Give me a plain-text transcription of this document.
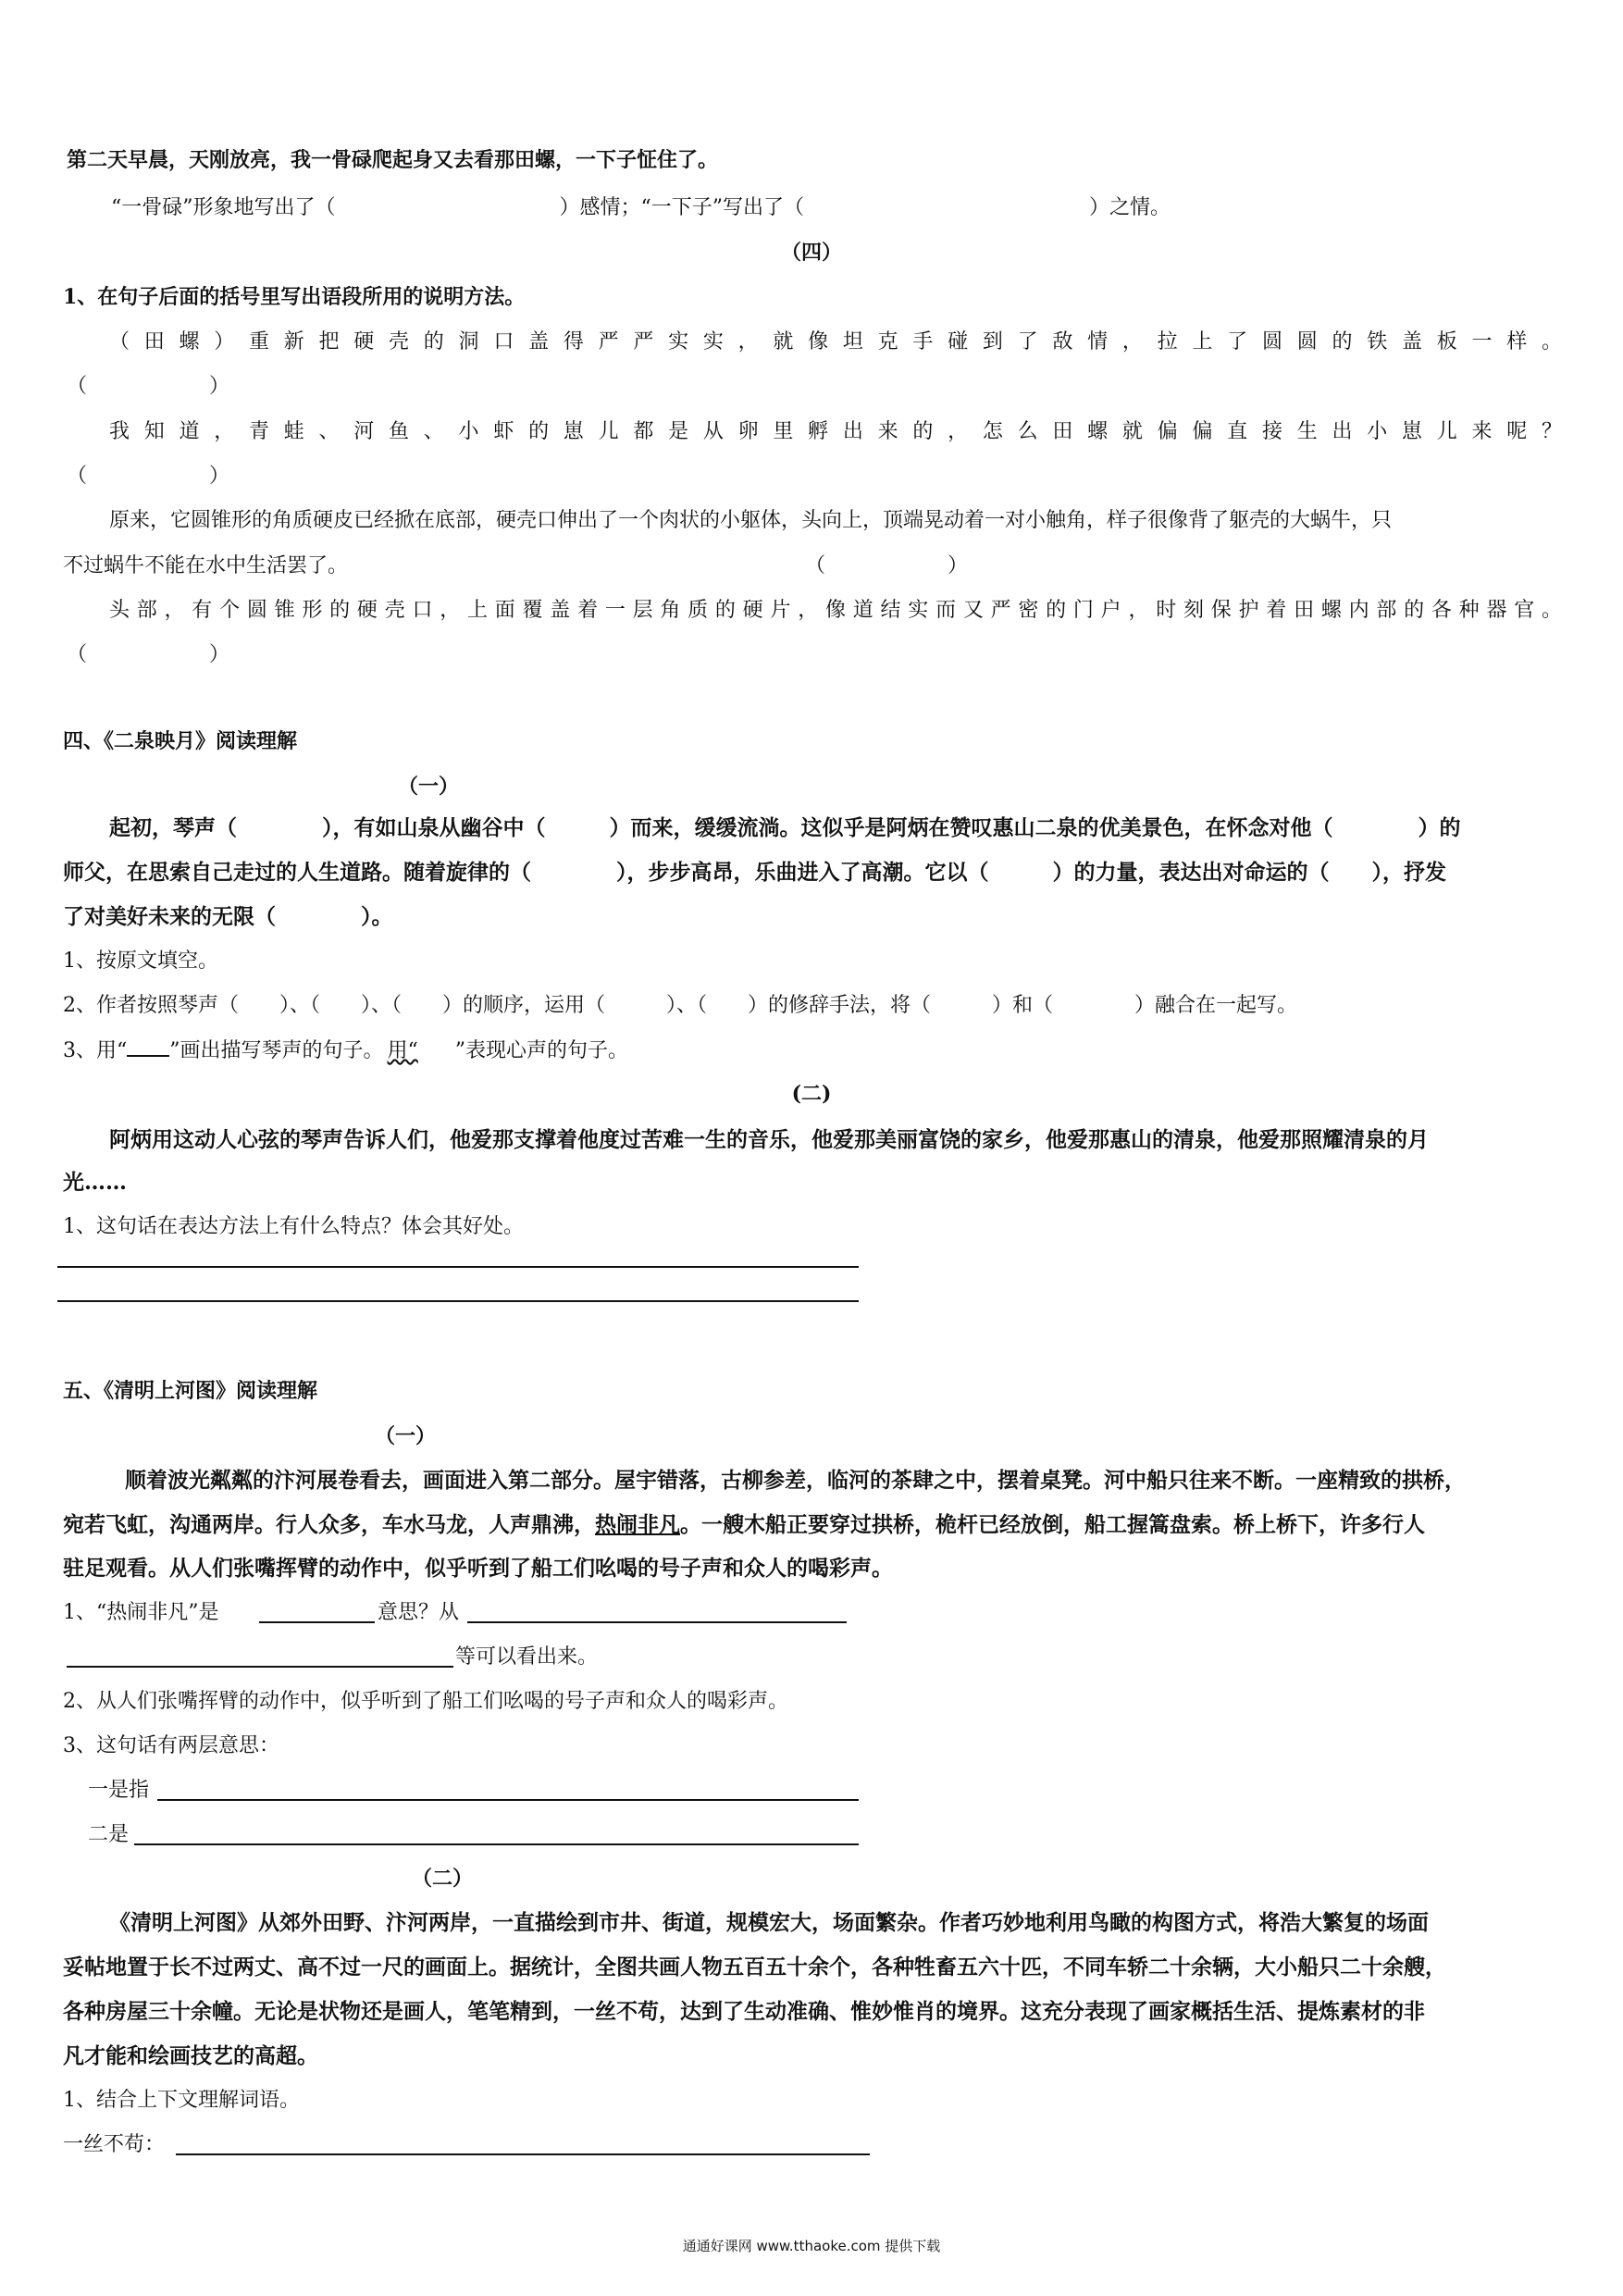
第二天早晨，天刚放亮，我一骨碌爬起身又去看那田螺，一下子怔住了。
“一骨碌”形象地写出了（　　　　　　　　　　　）感情；“一下子”写出了（　　　　　　　　　　　　　　）之情。
（四）
1、在句子后面的括号里写出语段所用的说明方法。
（田螺）重新把硬壳的洞口盖得严严实实，就像坦克手碰到了敌情，拉上了圆圆的铁盖板一样。
（　　　　　　）
我知道，青蛙、河鱼、小虾的崽儿都是从卵里孵出来的，怎么田螺就偏偏直接生出小崽儿来呢？
（　　　　　　）
原来，它圆锥形的角质硬皮已经掀在底部，硬壳口伸出了一个肉状的小躯体，头向上，顶端晃动着一对小触角，样子很像背了躯壳的大蜗牛，只
不过蜗牛不能在水中生活罢了。	（　　　　　　）
头部，有个圆锥形的硬壳口，上面覆盖着一层角质的硬片，像道结实而又严密的门户，时刻保护着田螺内部的各种器官。
（　　　　　　）
四、《二泉映月》阅读理解
（一）
起初，琴声（　　　　），有如山泉从幽谷中（　　　）而来，缓缓流淌。这似乎是阿炳在赞叹惠山二泉的优美景色，在怀念对他（　　　　）的
师父，在思索自己走过的人生道路。随着旋律的（　　　　），步步高昂，乐曲进入了高潮。它以（　　　）的力量，表达出对命运的（　　），抒发
了对美好未来的无限（　　　　）。
1、按原文填空。
2、作者按照琴声（　　）、（　　）、（　　）的顺序，运用（　　　）、（　　）的修辞手法，将（　　　）和（　　　　）融合在一起写。
3、用“ ”画出描写琴声的句子。 用“ ”表现心声的句子。
(二)
阿炳用这动人心弦的琴声告诉人们，他爱那支撑着他度过苦难一生的音乐，他爱那美丽富饶的家乡，他爱那惠山的清泉，他爱那照耀清泉的月
光……
1、这句话在表达方法上有什么特点？体会其好处。
五、《清明上河图》阅读理解
（一）
顺着波光粼粼的汴河展卷看去，画面进入第二部分。屋宇错落，古柳参差，临河的茶肆之中，摆着桌凳。河中船只往来不断。一座精致的拱桥，
宛若飞虹，沟通两岸。行人众多，车水马龙，人声鼎沸，热闹非凡。一艘木船正要穿过拱桥，桅杆已经放倒，船工握篙盘索。桥上桥下，许多行人
驻足观看。从人们张嘴挥臂的动作中，似乎听到了船工们吆喝的号子声和众人的喝彩声。
1、“热闹非凡”是	意思？从
等可以看出来。
2、从人们张嘴挥臂的动作中，似乎听到了船工们吆喝的号子声和众人的喝彩声。
3、这句话有两层意思：
一是指
二是
（二）
《清明上河图》从郊外田野、汴河两岸，一直描绘到市井、街道，规模宏大，场面繁杂。作者巧妙地利用鸟瞰的构图方式，将浩大繁复的场面
妥帖地置于长不过两丈、高不过一尺的画面上。据统计，全图共画人物五百五十余个，各种牲畜五六十匹，不同车轿二十余辆，大小船只二十余艘，
各种房屋三十余幢。无论是状物还是画人，笔笔精到，一丝不苟，达到了生动准确、惟妙惟肖的境界。这充分表现了画家概括生活、提炼素材的非
凡才能和绘画技艺的高超。
1、结合上下文理解词语。
一丝不苟：
通通好课网 www.tthaoke.com 提供下载
